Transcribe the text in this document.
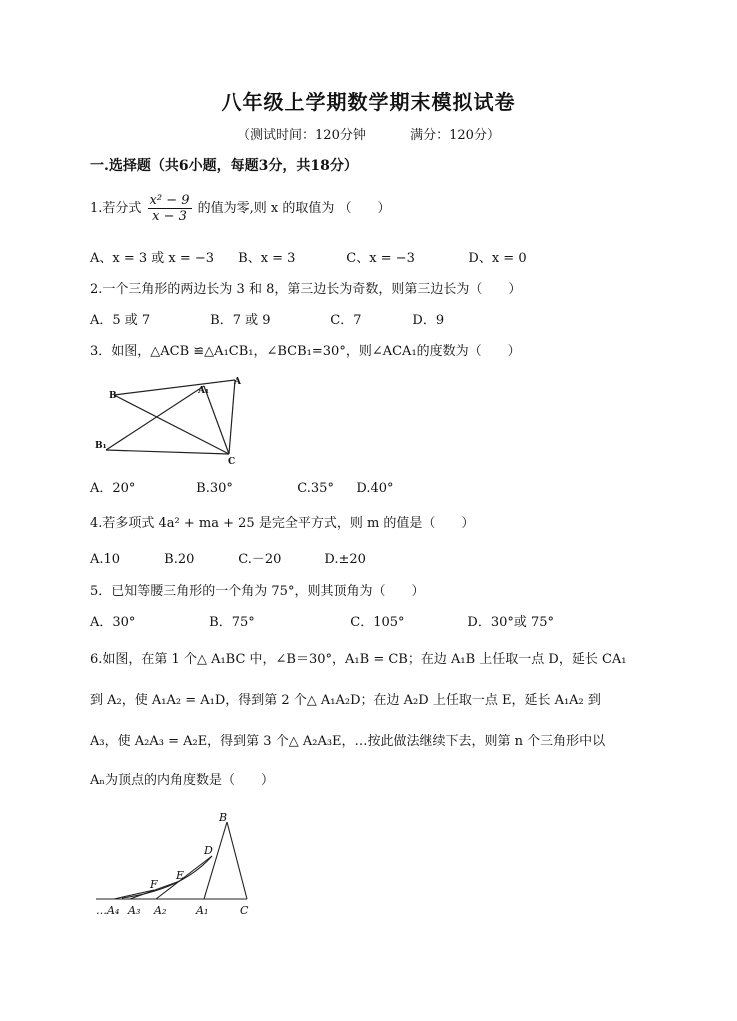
八年级上学期数学期末模拟试卷
（测试时间：120分钟	满分：120分）
一.选择题（共6小题，每题3分，共18分）
1.若分式 $\frac{\text{x² − 9}}{x - 3}$ 的值为零,则 x 的取值为 （　　）
A、x = 3 或 x = −3 B、x = 3	C、x = −3	D、x = 0
2.一个三角形的两边长为 3 和 8，第三边长为奇数，则第三边长为（　　）
A．5 或 7	B．7 或 9	C．7	D．9
3．如图，△ACB ≌△A₁CB₁，∠BCB₁=30°，则∠ACA₁的度数为（　　）
B	A₁
A
B₁
C
A．20°	B.30°	C.35° D.40°
4.若多项式 4a² + ma + 25 是完全平方式，则 m 的值是（　　）
A.10	B.20	C.－20	D.±20
5．已知等腰三角形的一个角为 75°，则其顶角为（　　）
A．30°	B．75°	C．105°	D．30°或 75°
6.如图，在第 1 个△ A₁BC 中，∠B＝30°，A₁B = CB；在边 A₁B 上任取一点 D，延长 CA₁
到 A₂，使 A₁A₂ = A₁D，得到第 2 个△ A₁A₂D；在边 A₂D 上任取一点 E，延长 A₁A₂ 到
A₃，使 A₂A₃ = A₂E，得到第 3 个△ A₂A₃E，…按此做法继续下去，则第 n 个三角形中以
Aₙ为顶点的内角度数是（　　）
B
D
E
F
…A₄ A₃ A₂	A₁	C
